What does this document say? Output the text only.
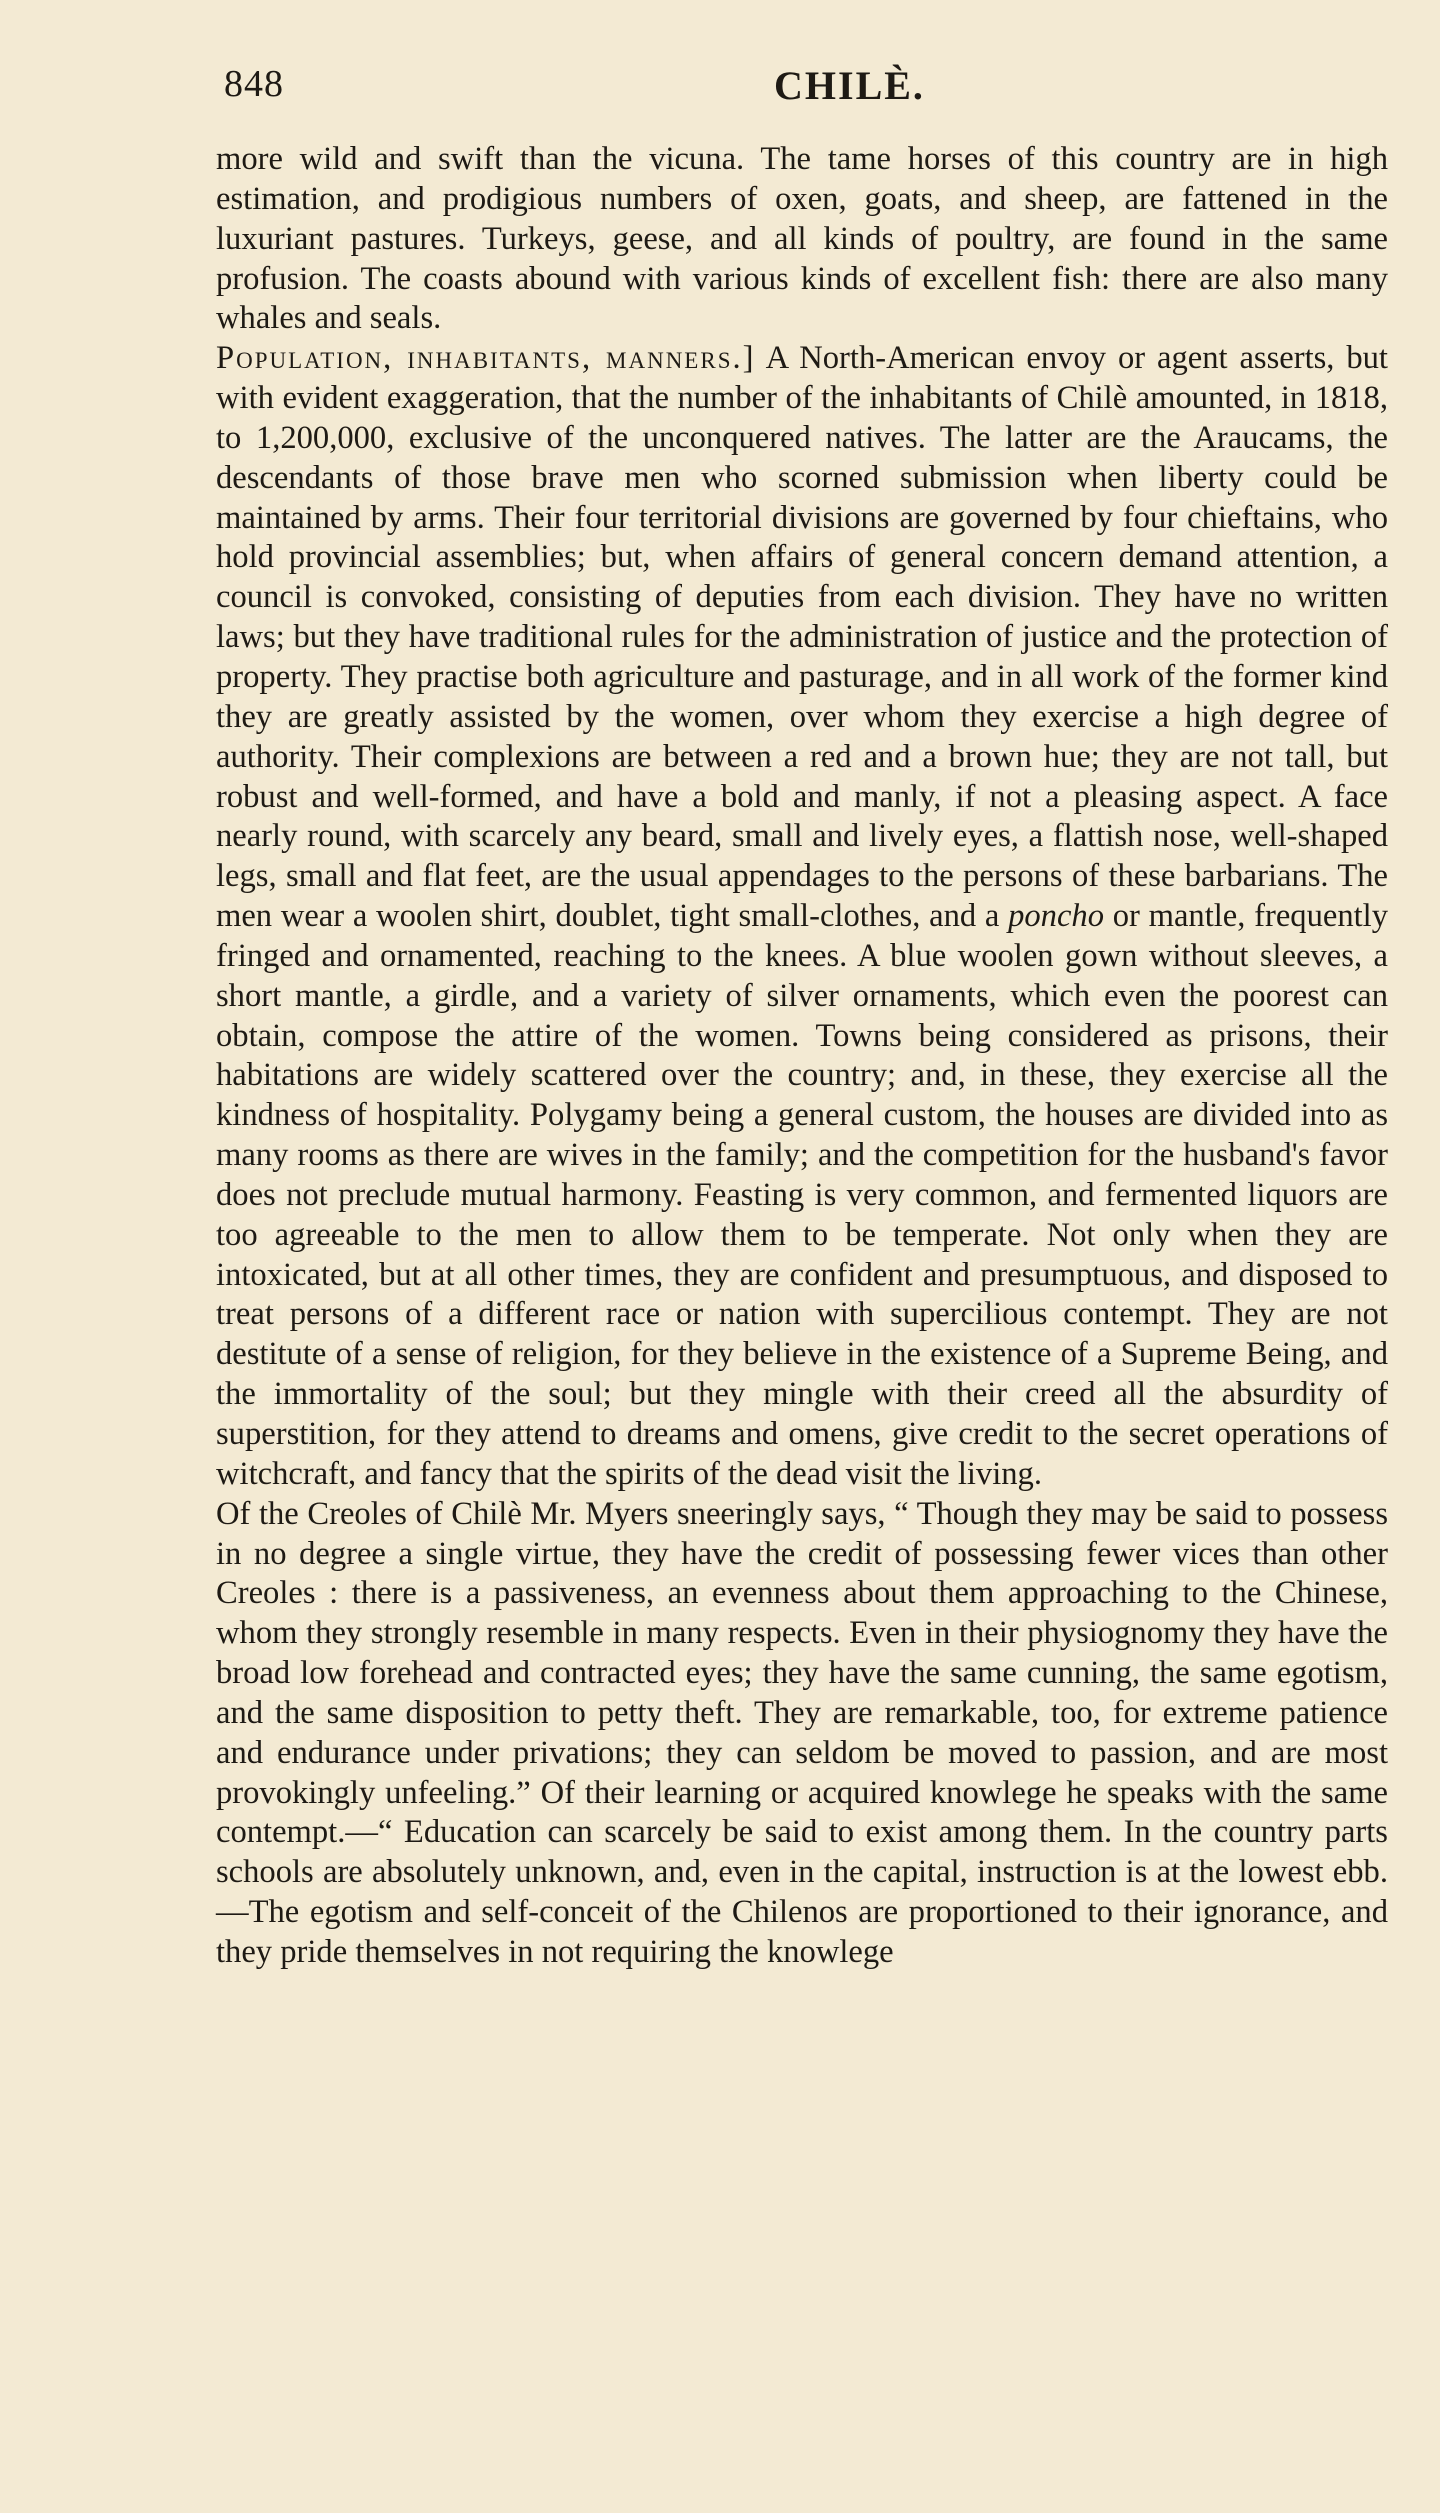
848	CHILÈ.

more wild and swift than the vicuna. The tame horses of this country are in high estimation, and prodigious numbers of oxen, goats, and sheep, are fattened in the luxuriant pastures. Turkeys, geese, and all kinds of poultry, are found in the same profusion. The coasts abound with various kinds of excellent fish: there are also many whales and seals.

Population, inhabitants, manners.] A North-American envoy or agent asserts, but with evident exaggeration, that the number of the inhabitants of Chilè amounted, in 1818, to 1,200,000, exclusive of the unconquered natives. The latter are the Araucams, the descendants of those brave men who scorned submission when liberty could be maintained by arms. Their four territorial divisions are governed by four chieftains, who hold provincial assemblies; but, when affairs of general concern demand attention, a council is convoked, consisting of deputies from each division. They have no written laws; but they have traditional rules for the administration of justice and the protection of property. They practise both agriculture and pasturage, and in all work of the former kind they are greatly assisted by the women, over whom they exercise a high degree of authority. Their complexions are between a red and a brown hue; they are not tall, but robust and well-formed, and have a bold and manly, if not a pleasing aspect. A face nearly round, with scarcely any beard, small and lively eyes, a flattish nose, well-shaped legs, small and flat feet, are the usual appendages to the persons of these barbarians. The men wear a woolen shirt, doublet, tight small-clothes, and a poncho or mantle, frequently fringed and ornamented, reaching to the knees. A blue woolen gown without sleeves, a short mantle, a girdle, and a variety of silver ornaments, which even the poorest can obtain, compose the attire of the women. Towns being considered as prisons, their habitations are widely scattered over the country; and, in these, they exercise all the kindness of hospitality. Polygamy being a general custom, the houses are divided into as many rooms as there are wives in the family; and the competition for the husband's favor does not preclude mutual harmony. Feasting is very common, and fermented liquors are too agreeable to the men to allow them to be temperate. Not only when they are intoxicated, but at all other times, they are confident and presumptuous, and disposed to treat persons of a different race or nation with supercilious contempt. They are not destitute of a sense of religion, for they believe in the existence of a Supreme Being, and the immortality of the soul; but they mingle with their creed all the absurdity of superstition, for they attend to dreams and omens, give credit to the secret operations of witchcraft, and fancy that the spirits of the dead visit the living.

Of the Creoles of Chilè Mr. Myers sneeringly says, “ Though they may be said to possess in no degree a single virtue, they have the credit of possessing fewer vices than other Creoles : there is a passiveness, an evenness about them approaching to the Chinese, whom they strongly resemble in many respects. Even in their physiognomy they have the broad low forehead and contracted eyes; they have the same cunning, the same egotism, and the same disposition to petty theft. They are remarkable, too, for extreme patience and endurance under privations; they can seldom be moved to passion, and are most provokingly unfeeling.” Of their learning or acquired knowlege he speaks with the same contempt.—“ Education can scarcely be said to exist among them. In the country parts schools are absolutely unknown, and, even in the capital, instruction is at the lowest ebb.—The egotism and self-conceit of the Chilenos are proportioned to their ignorance, and they pride themselves in not requiring the knowlege
